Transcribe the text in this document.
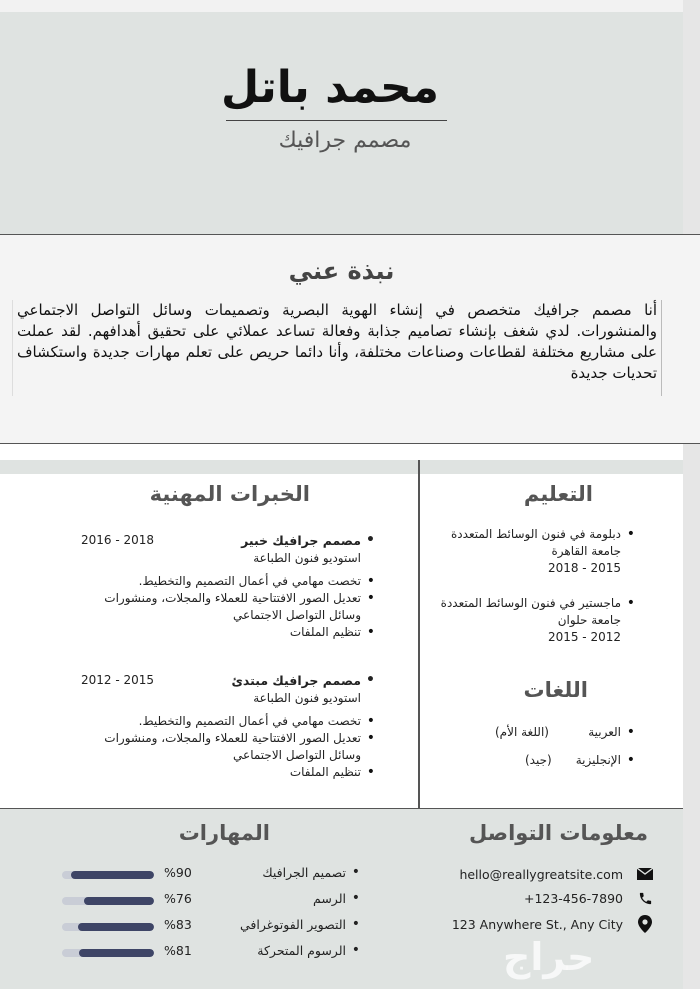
محمد باتل
مصمم جرافيك
نبذة عني
أنا مصمم جرافيك متخصص في إنشاء الهوية البصرية وتصميمات وسائل التواصل الاجتماعي والمنشورات. لدي شغف بإنشاء تصاميم جذابة وفعالة تساعد عملائي على تحقيق أهدافهم. لقد عملت على مشاريع مختلفة لقطاعات وصناعات مختلفة، وأنا دائما حريص على تعلم مهارات جديدة واستكشاف تحديات جديدة
التعليم
• دبلومة في فنون الوسائط المتعددة
جامعة القاهرة
2015 - 2018
• ماجستير في فنون الوسائط المتعددة
جامعة حلوان
2012 - 2015
اللغات
• العربية
(اللغة الأم)
• الإنجليزية
(جيد)
الخبرات المهنية
• مصمم جرافيك خبير
2016 - 2018
استوديو فنون الطباعة
• تخصت مهامي في أعمال التصميم والتخطيط.
• تعديل الصور الافتتاحية للعملاء والمجلات، ومنشورات وسائل التواصل الاجتماعي
• تنظيم الملفات
• مصمم جرافيك مبتدئ
2012 - 2015
استوديو فنون الطباعة
• تخصت مهامي في أعمال التصميم والتخطيط.
• تعديل الصور الافتتاحية للعملاء والمجلات، ومنشورات وسائل التواصل الاجتماعي
• تنظيم الملفات
معلومات التواصل
hello@reallygreatsite.com
+123-456-7890
123 Anywhere St., Any City
المهارات
%90	• تصميم الجرافيك
%76	• الرسم
%83	• التصوير الفوتوغرافي
%81	• الرسوم المتحركة	حراج
